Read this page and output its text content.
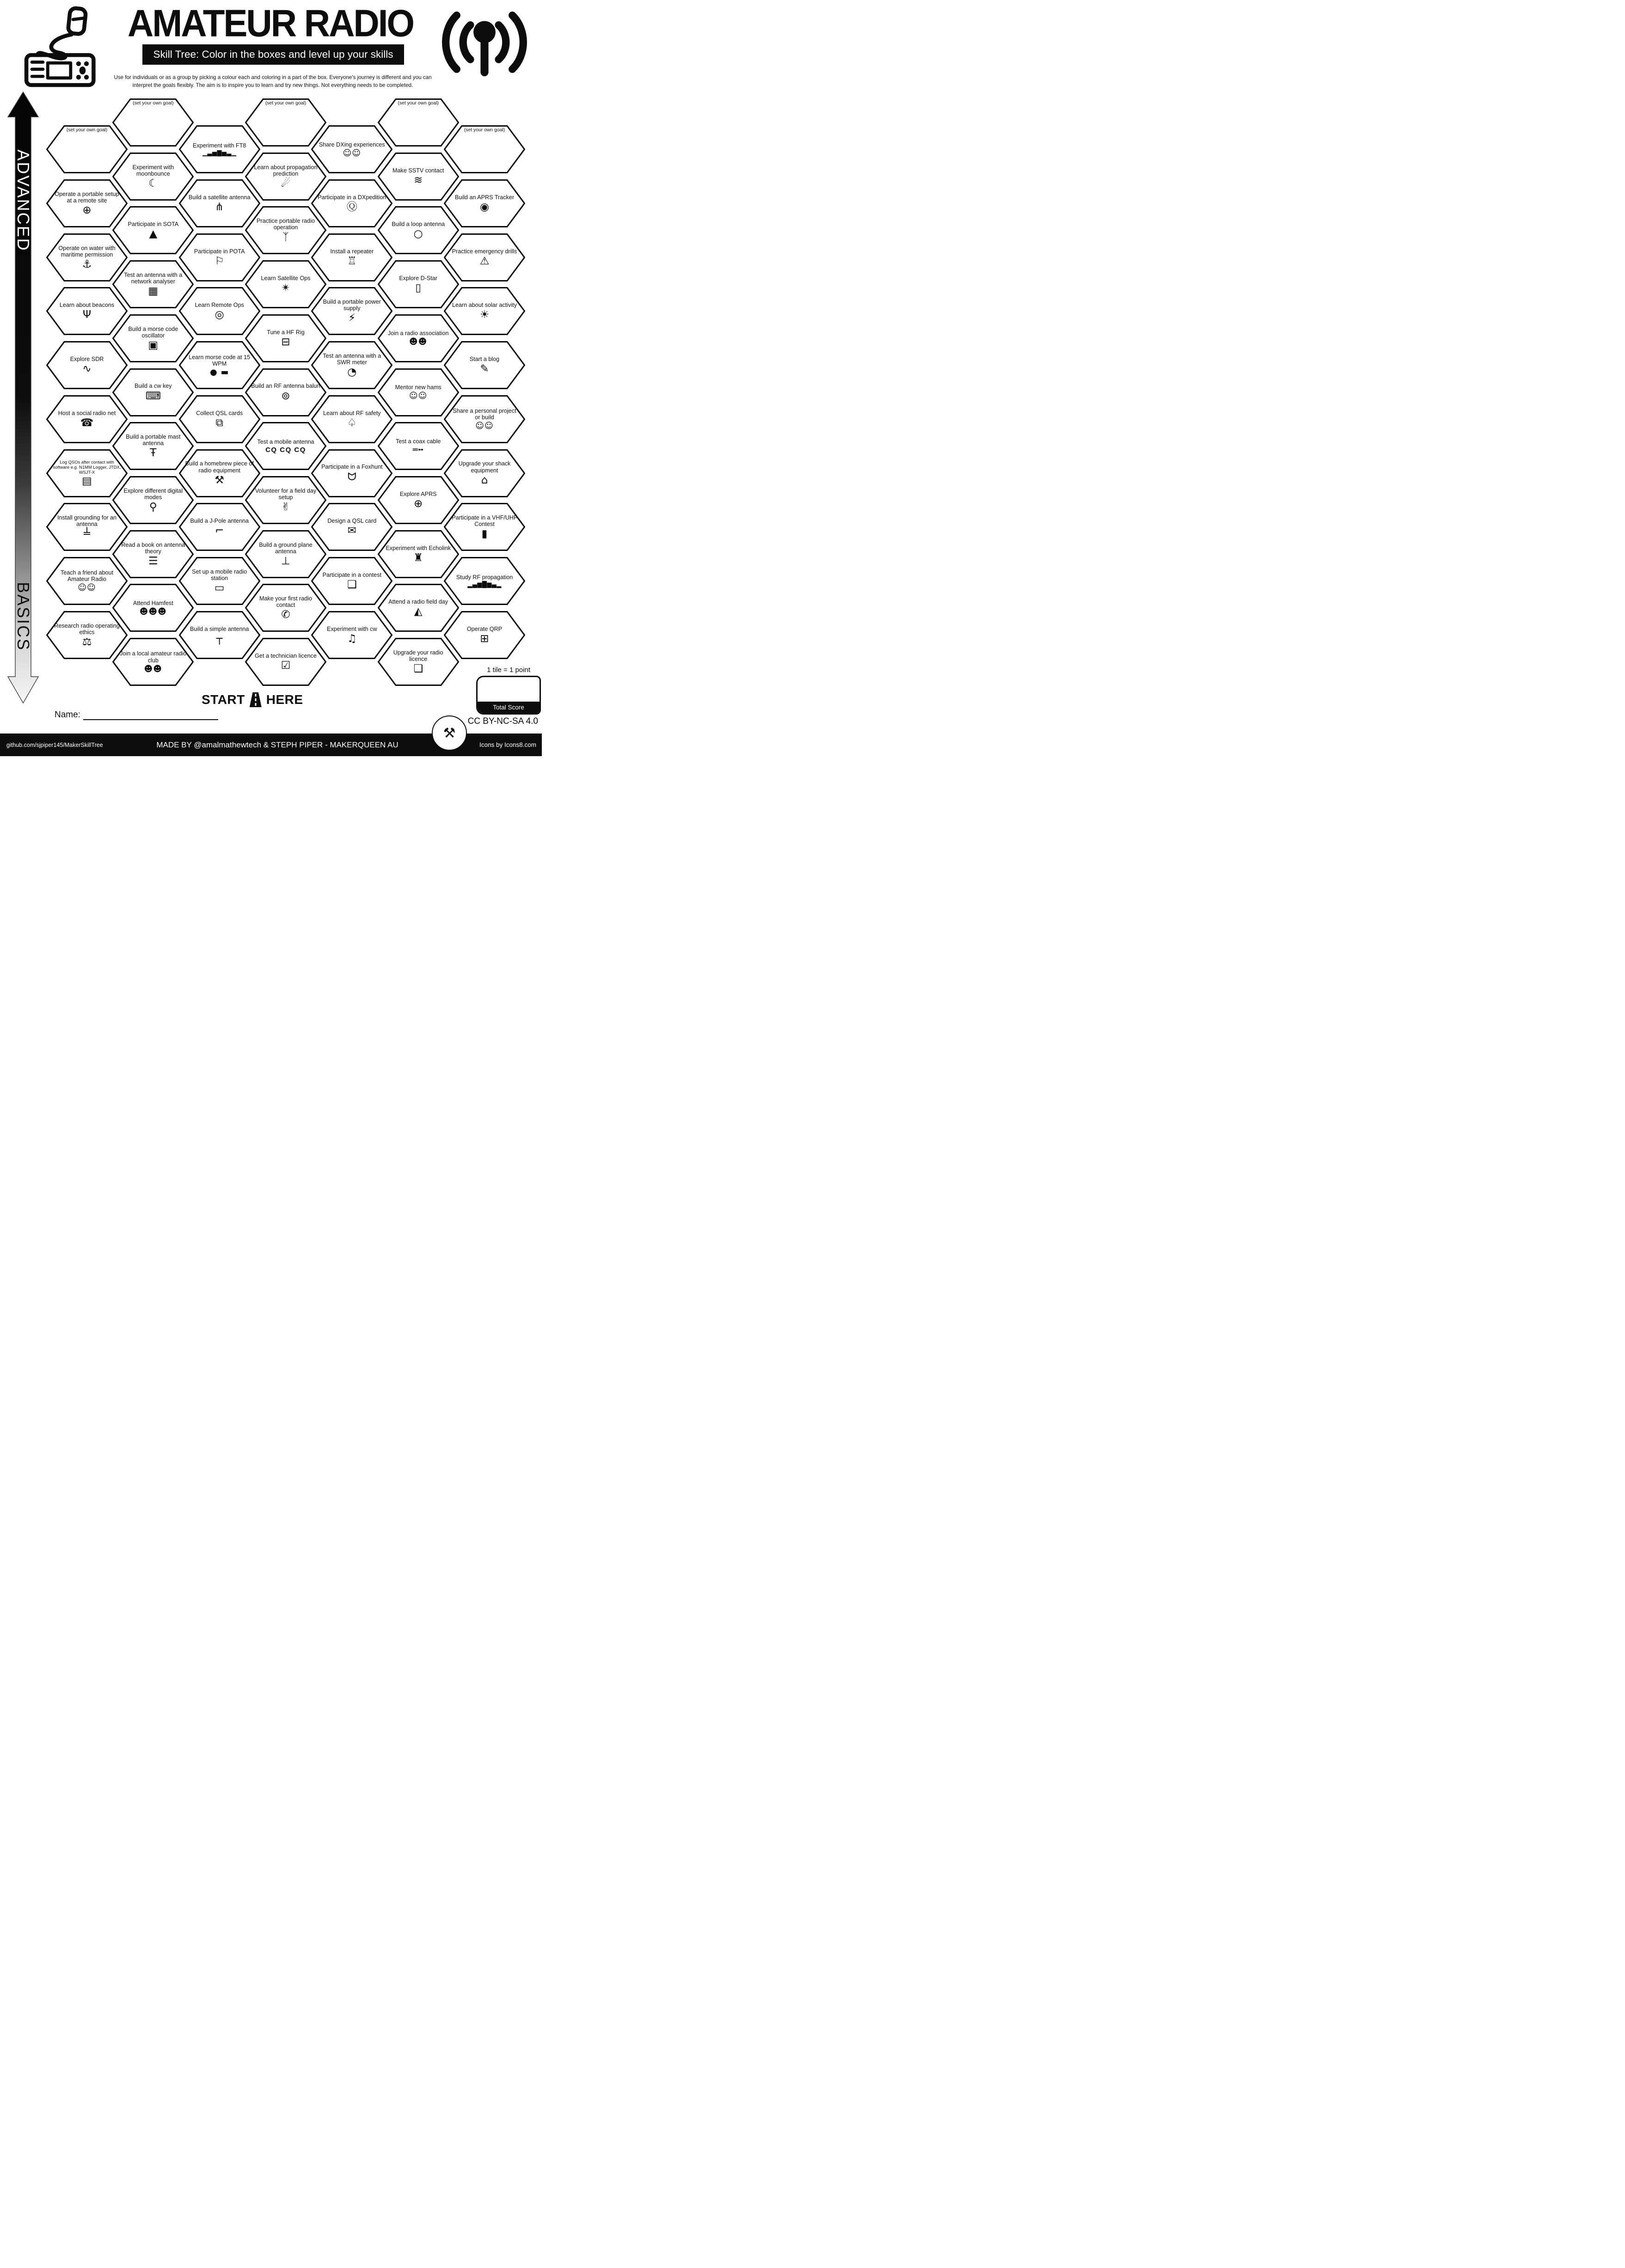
AMATEUR RADIO
Skill Tree: Color in the boxes and level up your skills
Use for individuals or as a group by picking a colour each and coloring in a part of the box. Everyone's journey is different and you can
interpret the goals flexibly. The aim is to inspire you to learn and try new things. Not everything needs to be completed.
ADVANCED
BASICS
(set your own goal)
Operate a portable setup at a remote site
⊕
Operate on water with maritime permission
⚓
Learn about beacons
Ψ
Explore SDR
∿
Host a social radio net
☎
Log QSOs after contact with software e.g. N1MM Logger, JTDX, WSJT-X
▤
Install grounding for an antenna
╧
Teach a friend about Amateur Radio
☺☺
Research radio operating ethics
⚖
(set your own goal)
Experiment with moonbounce
☾
Participate in SOTA
▲
Test an antenna with a network analyser
▦
Build a morse code oscillator
▣
Build a cw key
⌨
Build a portable mast antenna
Ŧ
Explore different digital modes
⚲
Read a book on antenna theory
☰
Attend Hamfest
☻☻☻
Join a local amateur radio club
☻☻
Experiment with FT8
▁▃▅▇▅▃▁
Build a satellite antenna
⋔
Participate in POTA
⚐
Learn Remote Ops
◎
Learn morse code at 15 WPM
● ▬
Collect QSL cards
⧉
Build a homebrew piece of radio equipment
⚒
Build a J-Pole antenna
⌐
Set up a mobile radio station
▭
Build a simple antenna
┬
(set your own goal)
Learn about propagation prediction
☄
Practice portable radio operation
ᛉ
Learn Satellite Ops
✴
Tune a HF Rig
⊟
Build an RF antenna balun
⊚
Test a mobile antenna
CQ CQ CQ
Volunteer for a field day setup
✌
Build a ground plane antenna
⊥
Make your first radio contact
✆
Get a technician licence
☑
Share DXing experiences
☺☺
Participate in a DXpedition
Ⓠ
Install a repeater
♖
Build a portable power supply
⚡
Test an antenna with a SWR meter
◔
Learn about RF safety
♤
Participate in a Foxhunt
ᗢ
Design a QSL card
✉
Participate in a contest
❑
Experiment with cw
♫
(set your own goal)
Make SSTV contact
≋
Build a loop antenna
○
Explore D-Star
▯
Join a radio association
☻☻
Mentor new hams
☺☺
Test a coax cable
═╍
Explore APRS
⊕
Experiment with Echolink
♜
Attend a radio field day
◭
Upgrade your radio licence
❏
(set your own goal)
Build an APRS Tracker
◉
Practice emergency drills
⚠
Learn about solar activity
☀
Start a blog
✎
Share a personal project or build
☺☺
Upgrade your shack equipment
⌂
Participate in a VHF/UHF Contest
▮
Study RF propagation
▂▄▆█▆▄▂
Operate QRP
⊞
START HERE
Name:
1 tile = 1 point
Total Score
CC BY-NC-SA 4.0
⚒
github.com/sjpiper145/MakerSkillTree	MADE BY @amalmathewtech & STEPH PIPER - MAKERQUEEN AU	Icons by Icons8.com
